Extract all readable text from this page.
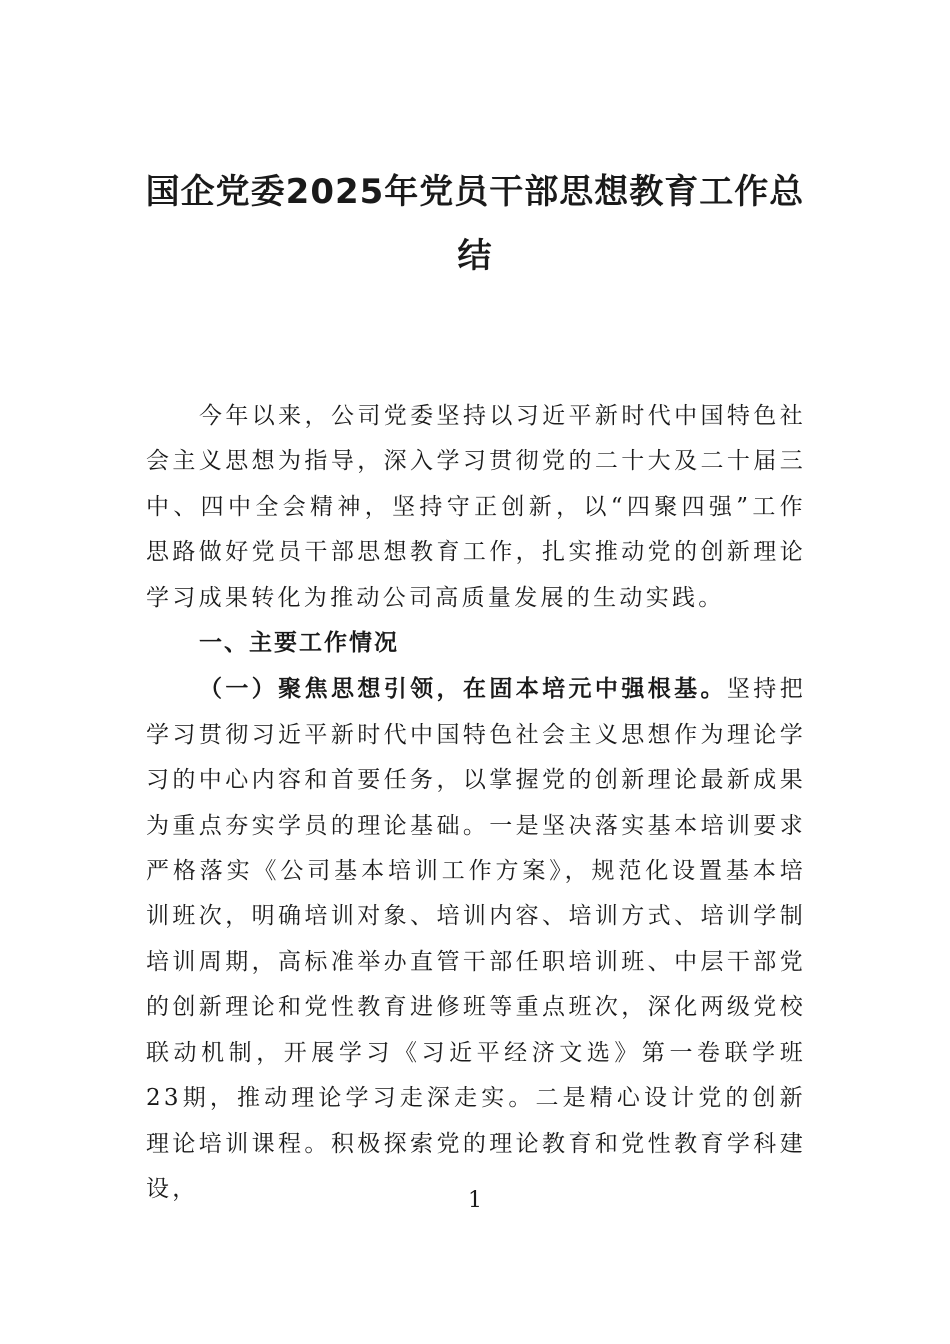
国企党委2025年党员干部思想教育工作总
结

今年以来，公司党委坚持以习近平新时代中国特色社会主义思想为指导，深入学习贯彻党的二十大及二十届三中、四中全会精神，坚持守正创新，以“四聚四强”工作思路做好党员干部思想教育工作，扎实推动党的创新理论学习成果转化为推动公司高质量发展的生动实践。

一、主要工作情况

（一）聚焦思想引领，在固本培元中强根基。坚持把学习贯彻习近平新时代中国特色社会主义思想作为理论学习的中心内容和首要任务，以掌握党的创新理论最新成果为重点夯实学员的理论基础。一是坚决落实基本培训要求严格落实《公司基本培训工作方案》，规范化设置基本培训班次，明确培训对象、培训内容、培训方式、培训学制培训周期，高标准举办直管干部任职培训班、中层干部党的创新理论和党性教育进修班等重点班次，深化两级党校联动机制，开展学习《习近平经济文选》第一卷联学班23期，推动理论学习走深走实。二是精心设计党的创新理论培训课程。积极探索党的理论教育和党性教育学科建设，	1
